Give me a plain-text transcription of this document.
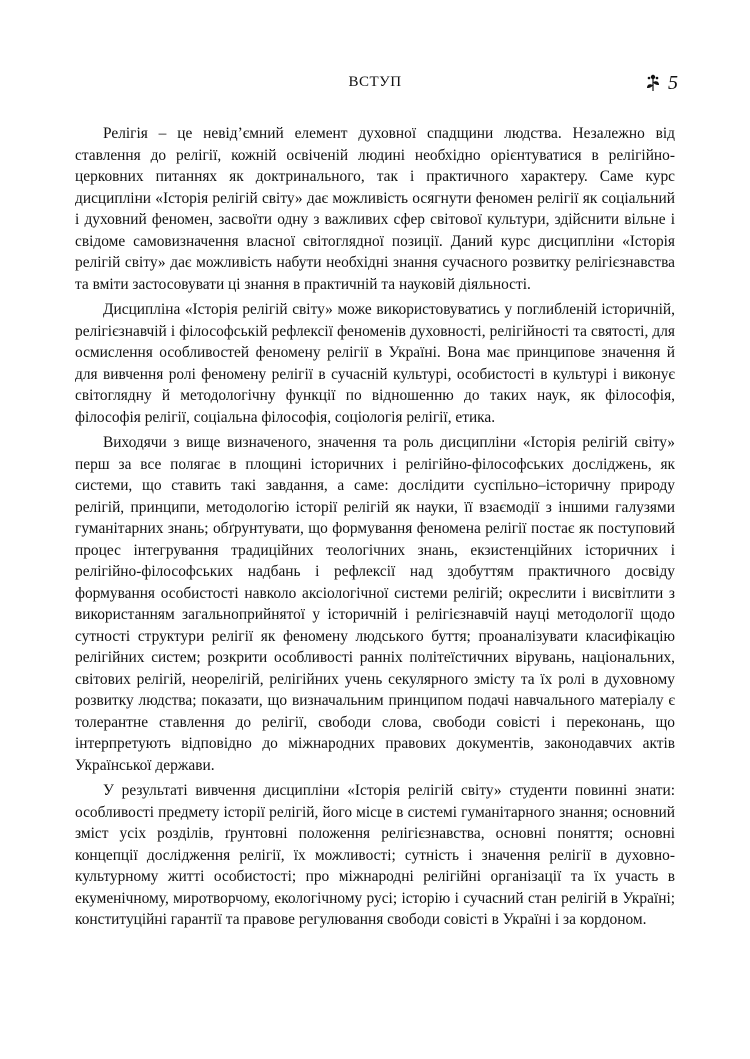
ВСТУП	5

Релігія – це невід’ємний елемент духовної спадщини людства. Незалежно від ставлення до релігії, кожній освіченій людині необхідно орієнтуватися в релігійно-церковних питаннях як доктринального, так і практичного характеру. Саме курс дисципліни «Історія релігій світу» дає можливість осягнути феномен релігії як соціальний і духовний феномен, засвоїти одну з важливих сфер світової культури, здійснити вільне і свідоме самовизначення власної світоглядної позиції. Даний курс дисципліни «Історія релігій світу» дає можливість набути необхідні знання сучасного розвитку релігієзнавства та вміти застосовувати ці знання в практичній та науковій діяльності.

Дисципліна «Історія релігій світу» може використовуватись у поглибленій історичній, релігієзнавчій і філософській рефлексії феноменів духовності, релігійності та святості, для осмислення особливостей феномену релігії в Україні. Вона має принципове значення й для вивчення ролі феномену релігії в сучасній культурі, особистості в культурі і виконує світоглядну й методологічну функції по відношенню до таких наук, як філософія, філософія релігії, соціальна філософія, соціологія релігії, етика.

Виходячи з вище визначеного, значення та роль дисципліни «Історія релігій світу» перш за все полягає в площині історичних і релігійно-філософських досліджень, як системи, що ставить такі завдання, а саме: дослідити суспільно–історичну природу релігій, принципи, методологію історії релігій як науки, її взаємодії з іншими галузями гуманітарних знань; обґрунтувати, що формування феномена релігії постає як поступовий процес інтегрування традиційних теологічних знань, екзистенційних історичних і релігійно-філософських надбань і рефлексії над здобуттям практичного досвіду формування особистості навколо аксіологічної системи релігій; окреслити і висвітлити з використанням загальноприйнятої у історичній і релігієзнавчій науці методології щодо сутності структури релігії як феномену людського буття; проаналізувати класифікацію релігійних систем; розкрити особливості ранніх політеїстичних вірувань, національних, світових релігій, неорелігій, релігійних учень секулярного змісту та їх ролі в духовному розвитку людства; показати, що визначальним принципом подачі навчального матеріалу є толерантне ставлення до релігії, свободи слова, свободи совісті і переконань, що інтерпретують відповідно до міжнародних правових документів, законодавчих актів Української держави.

У результаті вивчення дисципліни «Історія релігій світу» студенти повинні знати: особливості предмету історії релігій, його місце в системі гуманітарного знання; основний зміст усіх розділів, ґрунтовні положення релігієзнавства, основні поняття; основні концепції дослідження релігії, їх можливості; сутність і значення релігії в духовно-культурному житті особистості; про міжнародні релігійні організації та їх участь в екуменічному, миротворчому, екологічному русі; історію і сучасний стан релігій в Україні; конституційні гарантії та правове регулювання свободи совісті в Україні і за кордоном.
